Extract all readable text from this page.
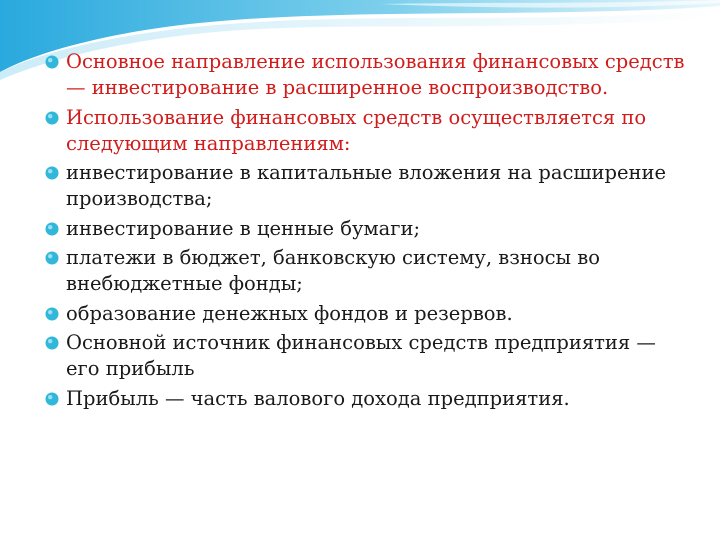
Основное направление использования финансовых средств — инвестирование в расширенное воспроизводство.
Использование финансовых средств осуществляется по следующим направлениям:
инвестирование в капитальные вложения на расширение производства;
инвестирование в ценные бумаги;
платежи в бюджет, банковскую систему, взносы во внебюджетные фонды;
образование денежных фондов и резервов.
Основной источник финансовых средств предприятия — его прибыль
Прибыль — часть валового дохода предприятия.
